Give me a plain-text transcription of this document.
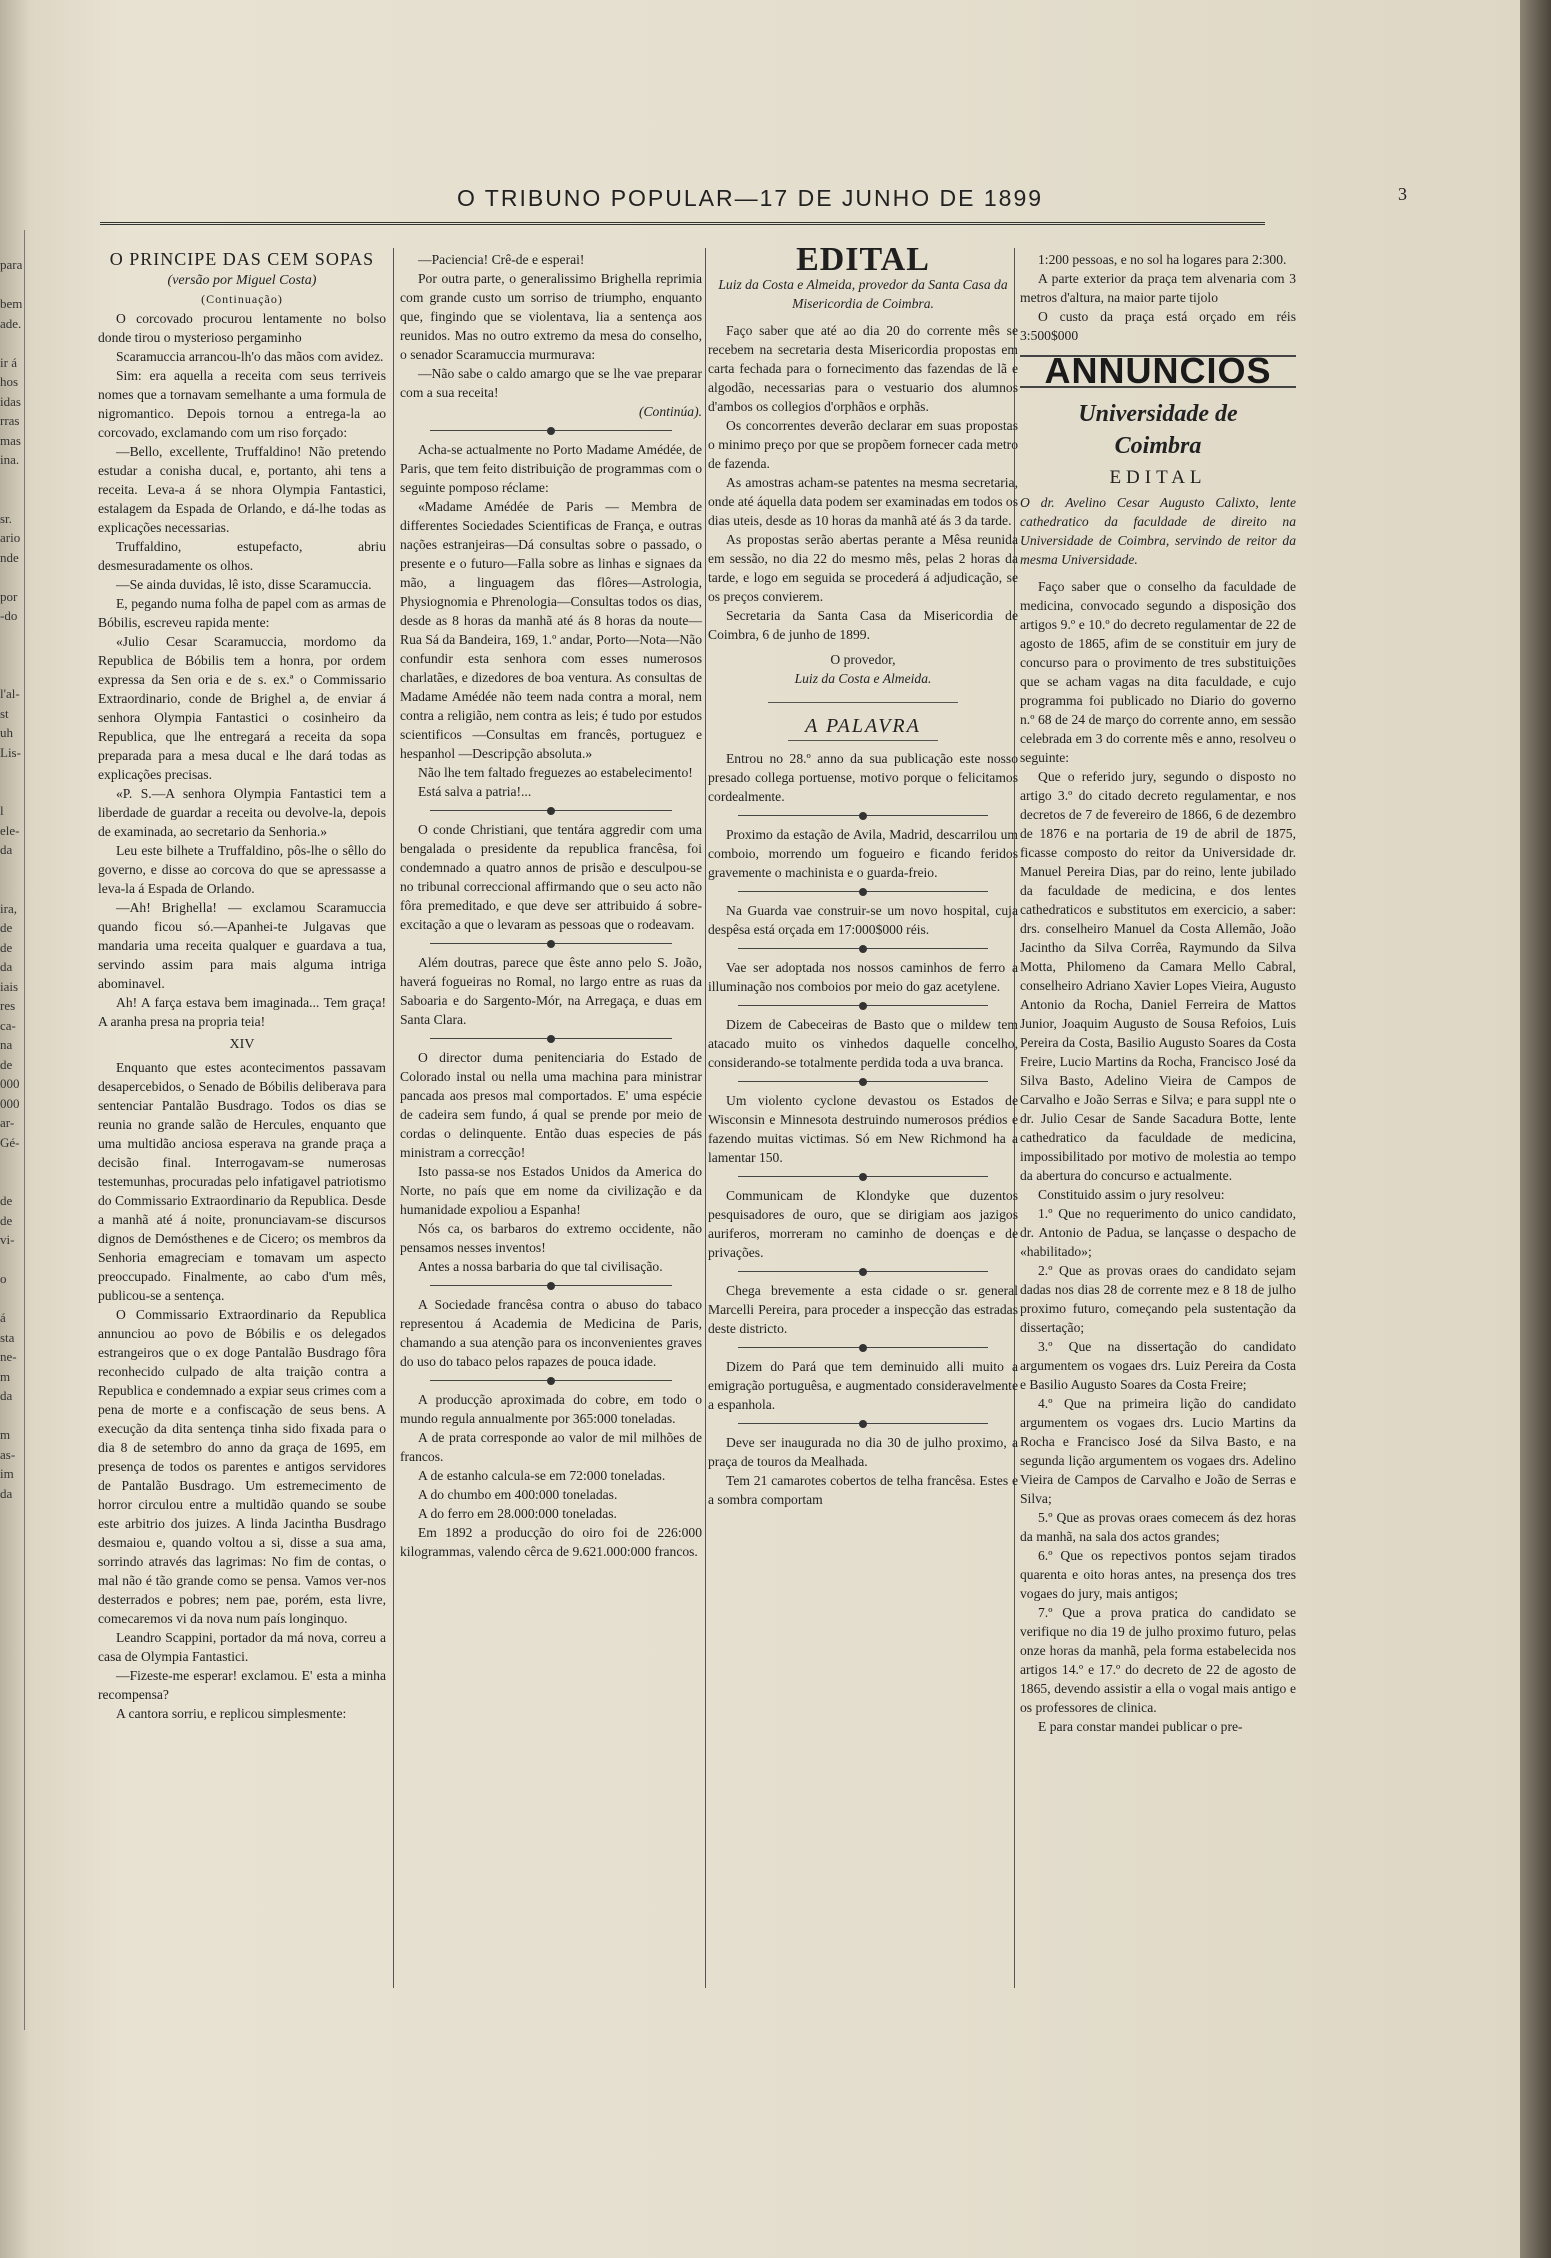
para

bem
ade.

ir á
hos
idas
rras
mas
ina.

sr.
ario
nde

por
-do

l'al-
st
uh
Lis-

l
ele-
da

ira,
de
de
da
iais
res
ca-
na
de
000
000
ar-
Gé-

de
de
vi-

o

á
sta
ne-
m
da

m
as-
im
da
O TRIBUNO POPULAR—17 DE JUNHO DE 1899	3
O PRINCIPE DAS CEM SOPAS
(versão por Miguel Costa)
(Continuação)

O corcovado procurou lentamente no bolso donde tirou o mysterioso pergaminho

Scaramuccia arrancou-lh'o das mãos com avidez.

Sim: era aquella a receita com seus terriveis nomes que a tornavam semelhante a uma formula de nigromantico. Depois tornou a entrega-la ao corcovado, exclamando com um riso forçado:

—Bello, excellente, Truffaldino! Não pretendo estudar a conisha ducal, e, portanto, ahi tens a receita. Leva-a á se nhora Olympia Fantastici, estalagem da Espada de Orlando, e dá-lhe todas as explicações necessarias.

Truffaldino, estupefacto, abriu desmesuradamente os olhos.

—Se ainda duvidas, lê isto, disse Scaramuccia.

E, pegando numa folha de papel com as armas de Bóbilis, escreveu rapida mente:

«Julio Cesar Scaramuccia, mordomo da Republica de Bóbilis tem a honra, por ordem expressa da Sen oria e de s. ex.ª o Commissario Extraordinario, conde de Brighel a, de enviar á senhora Olympia Fantastici o cosinheiro da Republica, que lhe entregará a receita da sopa preparada para a mesa ducal e lhe dará todas as explicações precisas.

«P. S.—A senhora Olympia Fantastici tem a liberdade de guardar a receita ou devolve-la, depois de examinada, ao secretario da Senhoria.»

Leu este bilhete a Truffaldino, pôs-lhe o sêllo do governo, e disse ao corcova do que se apressasse a leva-la á Espada de Orlando.

—Ah! Brighella! — exclamou Scaramuccia quando ficou só.—Apanhei-te Julgavas que mandaria uma receita qualquer e guardava a tua, servindo assim para mais alguma intriga abominavel.

Ah! A farça estava bem imaginada... Tem graça! A aranha presa na propria teia!

XIV

Enquanto que estes acontecimentos passavam desapercebidos, o Senado de Bóbilis deliberava para sentenciar Pantalão Busdrago. Todos os dias se reunia no grande salão de Hercules, enquanto que uma multidão anciosa esperava na grande praça a decisão final. Interrogavam-se numerosas testemunhas, procuradas pelo infatigavel patriotismo do Commissario Extraordinario da Republica. Desde a manhã até á noite, pronunciavam-se discursos dignos de Demósthenes e de Cicero; os membros da Senhoria emagreciam e tomavam um aspecto preoccupado. Finalmente, ao cabo d'um mês, publicou-se a sentença.

O Commissario Extraordinario da Republica annunciou ao povo de Bóbilis e os delegados estrangeiros que o ex doge Pantalão Busdrago fôra reconhecido culpado de alta traição contra a Republica e condemnado a expiar seus crimes com a pena de morte e a confiscação de seus bens. A execução da dita sentença tinha sido fixada para o dia 8 de setembro do anno da graça de 1695, em presença de todos os parentes e antigos servidores de Pantalão Busdrago. Um estremecimento de horror circulou entre a multidão quando se soube este arbitrio dos juizes. A linda Jacintha Busdrago desmaiou e, quando voltou a si, disse a sua ama, sorrindo através das lagrimas: No fim de contas, o mal não é tão grande como se pensa. Vamos ver-nos desterrados e pobres; nem pae, porém, esta livre, comecaremos vi da nova num país longinquo.

Leandro Scappini, portador da má nova, correu a casa de Olympia Fantastici.

—Fizeste-me esperar! exclamou. E' esta a minha recompensa?

A cantora sorriu, e replicou simplesmente:

—Paciencia! Crê-de e esperai!

Por outra parte, o generalissimo Brighella reprimia com grande custo um sorriso de triumpho, enquanto que, fingindo que se violentava, lia a sentença aos reunidos. Mas no outro extremo da mesa do conselho, o senador Scaramuccia murmurava:

—Não sabe o caldo amargo que se lhe vae preparar com a sua receita!

(Continúa).

Acha-se actualmente no Porto Madame Amédée, de Paris, que tem feito distribuição de programmas com o seguinte pomposo réclame:

«Madame Amédée de Paris — Membra de differentes Sociedades Scientificas de França, e outras nações estranjeiras—Dá consultas sobre o passado, o presente e o futuro—Falla sobre as linhas e signaes da mão, a linguagem das flôres—Astrologia, Physiognomia e Phrenologia—Consultas todos os dias, desde as 8 horas da manhã até ás 8 horas da noute—Rua Sá da Bandeira, 169, 1.º andar, Porto—Nota—Não confundir esta senhora com esses numerosos charlatães, e dizedores de boa ventura. As consultas de Madame Amédée não teem nada contra a moral, nem contra a religião, nem contra as leis; é tudo por estudos scientificos —Consultas em francês, portuguez e hespanhol —Descripção absoluta.»

Não lhe tem faltado freguezes ao estabelecimento!

Está salva a patria!...

O conde Christiani, que tentára aggredir com uma bengalada o presidente da republica francêsa, foi condemnado a quatro annos de prisão e desculpou-se no tribunal correccional affirmando que o seu acto não fôra premeditado, e que deve ser attribuido á sobre-excitação a que o levaram as pessoas que o rodeavam.

Além doutras, parece que êste anno pelo S. João, haverá fogueiras no Romal, no largo entre as ruas da Saboaria e do Sargento-Mór, na Arregaça, e duas em Santa Clara.

O director duma penitenciaria do Estado de Colorado instal ou nella uma machina para ministrar pancada aos presos mal comportados. E' uma espécie de cadeira sem fundo, á qual se prende por meio de cordas o delinquente. Então duas especies de pás ministram a correcção!

Isto passa-se nos Estados Unidos da America do Norte, no país que em nome da civilização e da humanidade expoliou a Espanha!

Nós ca, os barbaros do extremo occidente, não pensamos nesses inventos!

Antes a nossa barbaria do que tal civilisação.

A Sociedade francêsa contra o abuso do tabaco representou á Academia de Medicina de Paris, chamando a sua atenção para os inconvenientes graves do uso do tabaco pelos rapazes de pouca idade.

A producção aproximada do cobre, em todo o mundo regula annualmente por 365:000 toneladas.

A de prata corresponde ao valor de mil milhões de francos.

A de estanho calcula-se em 72:000 toneladas.

A do chumbo em 400:000 toneladas.

A do ferro em 28.000:000 toneladas.

Em 1892 a producção do oiro foi de 226:000 kilogrammas, valendo cêrca de 9.621.000:000 francos.

EDITAL

Luiz da Costa e Almeida, provedor da Santa Casa da Misericordia de Coimbra.

Faço saber que até ao dia 20 do corrente mês se recebem na secretaria desta Misericordia propostas em carta fechada para o fornecimento das fazendas de lã e algodão, necessarias para o vestuario dos alumnos d'ambos os collegios d'orphãos e orphãs.

Os concorrentes deverão declarar em suas propostas o minimo preço por que se propõem fornecer cada metro de fazenda.

As amostras acham-se patentes na mesma secretaria, onde até áquella data podem ser examinadas em todos os dias uteis, desde as 10 horas da manhã até ás 3 da tarde.

As propostas serão abertas perante a Mêsa reunida em sessão, no dia 22 do mesmo mês, pelas 2 horas da tarde, e logo em seguida se procederá á adjudicação, se os preços convierem.

Secretaria da Santa Casa da Misericordia de Coimbra, 6 de junho de 1899.

O provedor,
Luiz da Costa e Almeida.
A PALAVRA

Entrou no 28.º anno da sua publicação este nosso presado collega portuense, motivo porque o felicitamos cordealmente.

Proximo da estação de Avila, Madrid, descarrilou um comboio, morrendo um fogueiro e ficando feridos gravemente o machinista e o guarda-freio.

Na Guarda vae construir-se um novo hospital, cuja despêsa está orçada em 17:000$000 réis.

Vae ser adoptada nos nossos caminhos de ferro a illuminação nos comboios por meio do gaz acetylene.

Dizem de Cabeceiras de Basto que o mildew tem atacado muito os vinhedos daquelle concelho, considerando-se totalmente perdida toda a uva branca.

Um violento cyclone devastou os Estados de Wisconsin e Minnesota destruindo numerosos prédios e fazendo muitas victimas. Só em New Richmond ha a lamentar 150.

Communicam de Klondyke que duzentos pesquisadores de ouro, que se dirigiam aos jazigos auriferos, morreram no caminho de doenças e de privações.

Chega brevemente a esta cidade o sr. general Marcelli Pereira, para proceder a inspecção das estradas deste districto.

Dizem do Pará que tem deminuido alli muito a emigração portuguêsa, e augmentado consideravelmente a espanhola.

Deve ser inaugurada no dia 30 de julho proximo, a praça de touros da Mealhada.

Tem 21 camarotes cobertos de telha francêsa. Estes e a sombra comportam

1:200 pessoas, e no sol ha logares para 2:300.

A parte exterior da praça tem alvenaria com 3 metros d'altura, na maior parte tijolo

O custo da praça está orçado em réis 3:500$000

ANNUNCIOS
Universidade de
Coimbra
EDITAL

O dr. Avelino Cesar Augusto Calixto, lente cathedratico da faculdade de direito na Universidade de Coimbra, servindo de reitor da mesma Universidade.

Faço saber que o conselho da faculdade de medicina, convocado segundo a disposição dos artigos 9.º e 10.º do decreto regulamentar de 22 de agosto de 1865, afim de se constituir em jury de concurso para o provimento de tres substituições que se acham vagas na dita faculdade, e cujo programma foi publicado no Diario do governo n.º 68 de 24 de março do corrente anno, em sessão celebrada em 3 do corrente mês e anno, resolveu o seguinte:

Que o referido jury, segundo o disposto no artigo 3.º do citado decreto regulamentar, e nos decretos de 7 de fevereiro de 1866, 6 de dezembro de 1876 e na portaria de 19 de abril de 1875, ficasse composto do reitor da Universidade dr. Manuel Pereira Dias, par do reino, lente jubilado da faculdade de medicina, e dos lentes cathedraticos e substitutos em exercicio, a saber: drs. conselheiro Manuel da Costa Allemão, João Jacintho da Silva Corrêa, Raymundo da Silva Motta, Philomeno da Camara Mello Cabral, conselheiro Adriano Xavier Lopes Vieira, Augusto Antonio da Rocha, Daniel Ferreira de Mattos Junior, Joaquim Augusto de Sousa Refoios, Luis Pereira da Costa, Basilio Augusto Soares da Costa Freire, Lucio Martins da Rocha, Francisco José da Silva Basto, Adelino Vieira de Campos de Carvalho e João Serras e Silva; e para suppl nte o dr. Julio Cesar de Sande Sacadura Botte, lente cathedratico da faculdade de medicina, impossibilitado por motivo de molestia ao tempo da abertura do concurso e actualmente.

Constituido assim o jury resolveu:

1.º Que no requerimento do unico candidato, dr. Antonio de Padua, se lançasse o despacho de «habilitado»;

2.º Que as provas oraes do candidato sejam dadas nos dias 28 de corrente mez e 8 18 de julho proximo futuro, começando pela sustentação da dissertação;

3.º Que na dissertação do candidato argumentem os vogaes drs. Luiz Pereira da Costa e Basilio Augusto Soares da Costa Freire;

4.º Que na primeira lição do candidato argumentem os vogaes drs. Lucio Martins da Rocha e Francisco José da Silva Basto, e na segunda lição argumentem os vogaes drs. Adelino Vieira de Campos de Carvalho e João de Serras e Silva;

5.º Que as provas oraes comecem ás dez horas da manhã, na sala dos actos grandes;

6.º Que os repectivos pontos sejam tirados quarenta e oito horas antes, na presença dos tres vogaes do jury, mais antigos;

7.º Que a prova pratica do candidato se verifique no dia 19 de julho proximo futuro, pelas onze horas da manhã, pela forma estabelecida nos artigos 14.º e 17.º do decreto de 22 de agosto de 1865, devendo assistir a ella o vogal mais antigo e os professores de clinica.

E para constar mandei publicar o pre-
